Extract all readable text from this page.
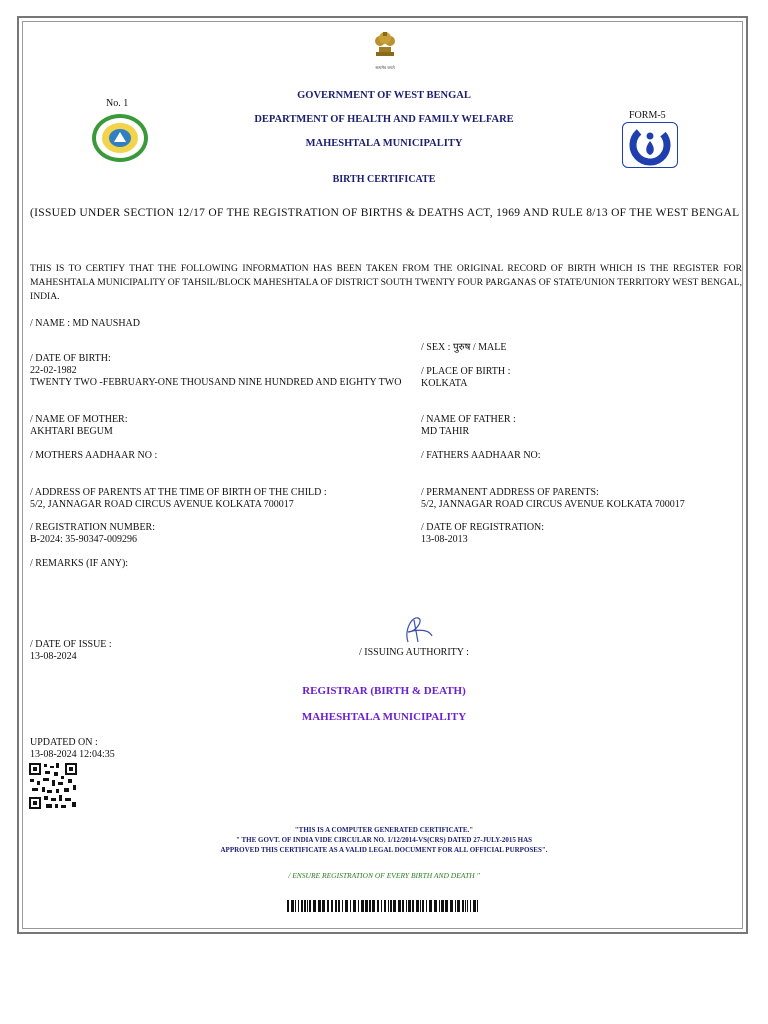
सत्यमेव जयते
No. 1
FORM-5
GOVERNMENT OF WEST BENGAL
DEPARTMENT OF HEALTH AND FAMILY WELFARE
MAHESHTALA MUNICIPALITY
BIRTH CERTIFICATE
(ISSUED UNDER SECTION 12/17 OF THE REGISTRATION OF BIRTHS & DEATHS ACT, 1969 AND RULE 8/13 OF THE WEST BENGAL
THIS IS TO CERTIFY THAT THE FOLLOWING INFORMATION HAS BEEN TAKEN FROM THE ORIGINAL RECORD OF BIRTH WHICH IS THE REGISTER FOR MAHESHTALA MUNICIPALITY OF TAHSIL/BLOCK MAHESHTALA OF DISTRICT SOUTH TWENTY FOUR PARGANAS OF STATE/UNION TERRITORY WEST BENGAL, INDIA.
/ NAME : MD NAUSHAD
/ SEX : पुरुष / MALE
/ DATE OF BIRTH:
22-02-1982
TWENTY TWO -FEBRUARY-ONE THOUSAND NINE HUNDRED AND EIGHTY TWO
/ PLACE OF BIRTH :
KOLKATA
/ NAME OF MOTHER:
AKHTARI BEGUM
/ NAME OF FATHER :
MD TAHIR
/ MOTHERS AADHAAR NO :	/ FATHERS AADHAAR NO:
/ ADDRESS OF PARENTS AT THE TIME OF BIRTH OF THE CHILD :
5/2, JANNAGAR ROAD CIRCUS AVENUE KOLKATA 700017
/ PERMANENT ADDRESS OF PARENTS:
5/2, JANNAGAR ROAD CIRCUS AVENUE KOLKATA 700017
/ REGISTRATION NUMBER:
B-2024: 35-90347-009296
/ DATE OF REGISTRATION:
13-08-2013
/ REMARKS (IF ANY):
/ DATE OF ISSUE :
13-08-2024	/ ISSUING AUTHORITY :
REGISTRAR (BIRTH & DEATH)
MAHESHTALA MUNICIPALITY
UPDATED ON :
13-08-2024 12:04:35
"THIS IS A COMPUTER GENERATED CERTIFICATE."
" THE GOVT. OF INDIA VIDE CIRCULAR NO. 1/12/2014-VS(CRS) DATED 27-JULY-2015 HAS
APPROVED THIS CERTIFICATE AS A VALID LEGAL DOCUMENT FOR ALL OFFICIAL PURPOSES".
/ ENSURE REGISTRATION OF EVERY BIRTH AND DEATH "
